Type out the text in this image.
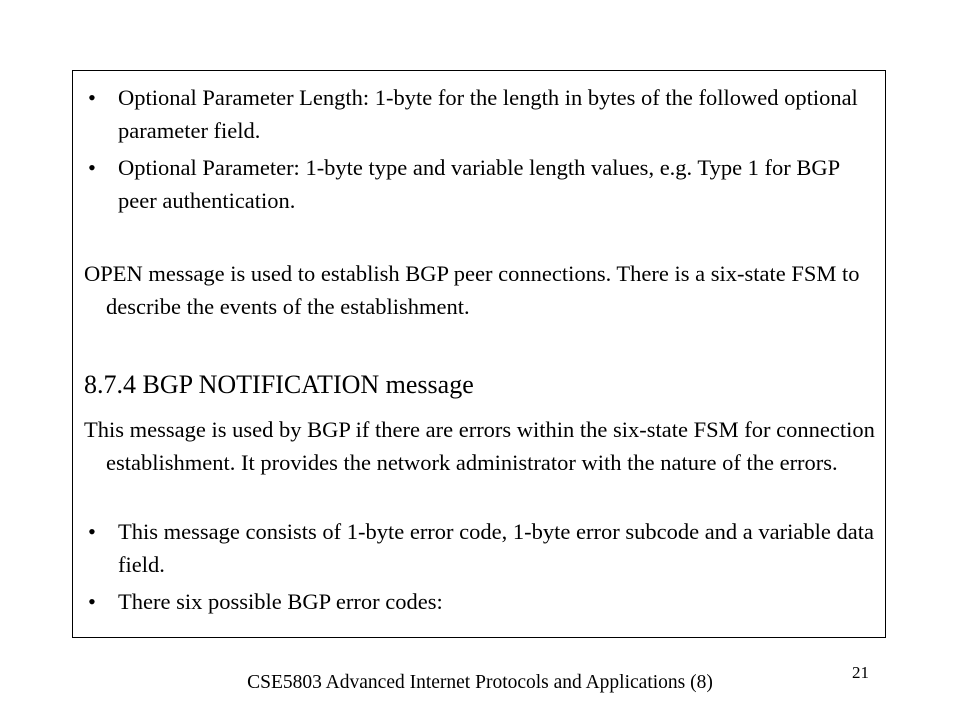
• Optional Parameter Length: 1-byte for the length in bytes of the followed optional parameter field.
• Optional Parameter: 1-byte type and variable length values, e.g. Type 1 for BGP peer authentication.
OPEN message is used to establish BGP peer connections. There is a six-state FSM to describe the events of the establishment.
8.7.4 BGP NOTIFICATION message
This message is used by BGP if there are errors within the six-state FSM for connection establishment. It provides the network administrator with the nature of the errors.
• This message consists of 1-byte error code, 1-byte error subcode and a variable data field.
• There six possible BGP error codes:
CSE5803 Advanced Internet Protocols and Applications (8)	21
